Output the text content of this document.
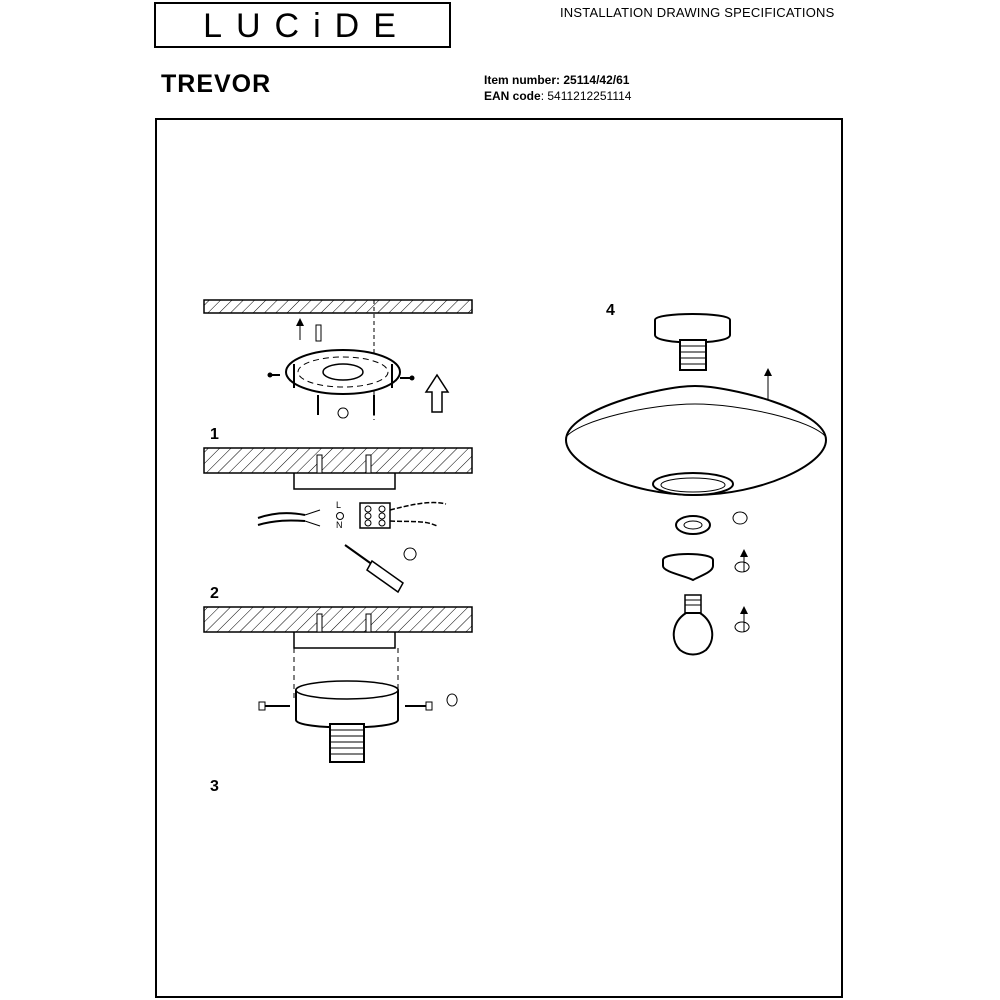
LUCiDE	INSTALLATION DRAWING SPECIFICATIONS
TREVOR	Item number: 25114/42/61
EAN code: 5411212251114
L
N
1
2
3
4
